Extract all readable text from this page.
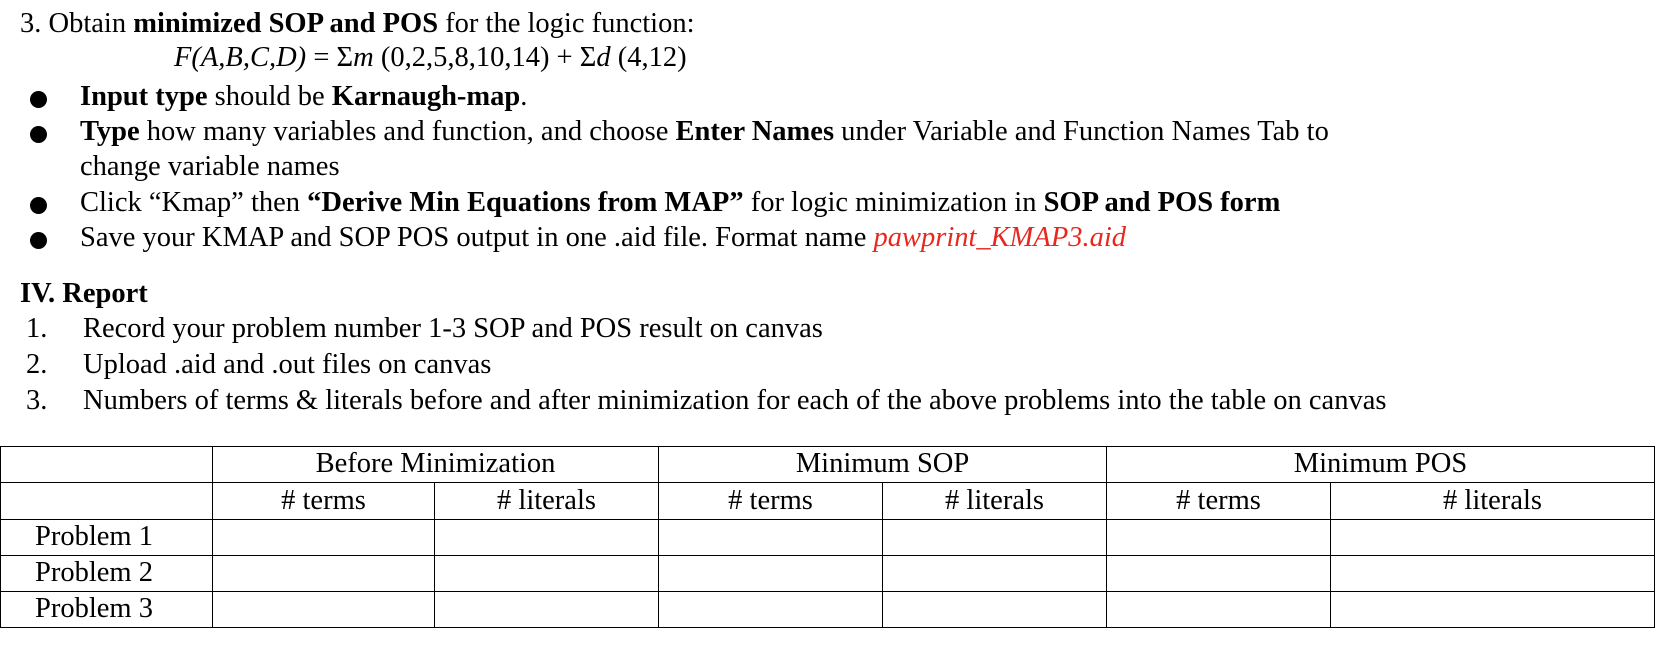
3. Obtain minimized SOP and POS for the logic function:
F(A,B,C,D) = Σm (0,2,5,8,10,14) + Σd (4,12)
Input type should be Karnaugh-map.
Type how many variables and function, and choose Enter Names under Variable and Function Names Tab to
change variable names
Click “Kmap” then “Derive Min Equations from MAP” for logic minimization in SOP and POS form
Save your KMAP and SOP POS output in one .aid file. Format name pawprint_KMAP3.aid
IV. Report
1. Record your problem number 1-3 SOP and POS result on canvas
2. Upload .aid and .out files on canvas
3. Numbers of terms & literals before and after minimization for each of the above problems into the table on canvas
	Before Minimization		Minimum SOP		Minimum POS	
	# terms	# literals	# terms	# literals	# terms	# literals
Problem 1						
Problem 2						
Problem 3						
